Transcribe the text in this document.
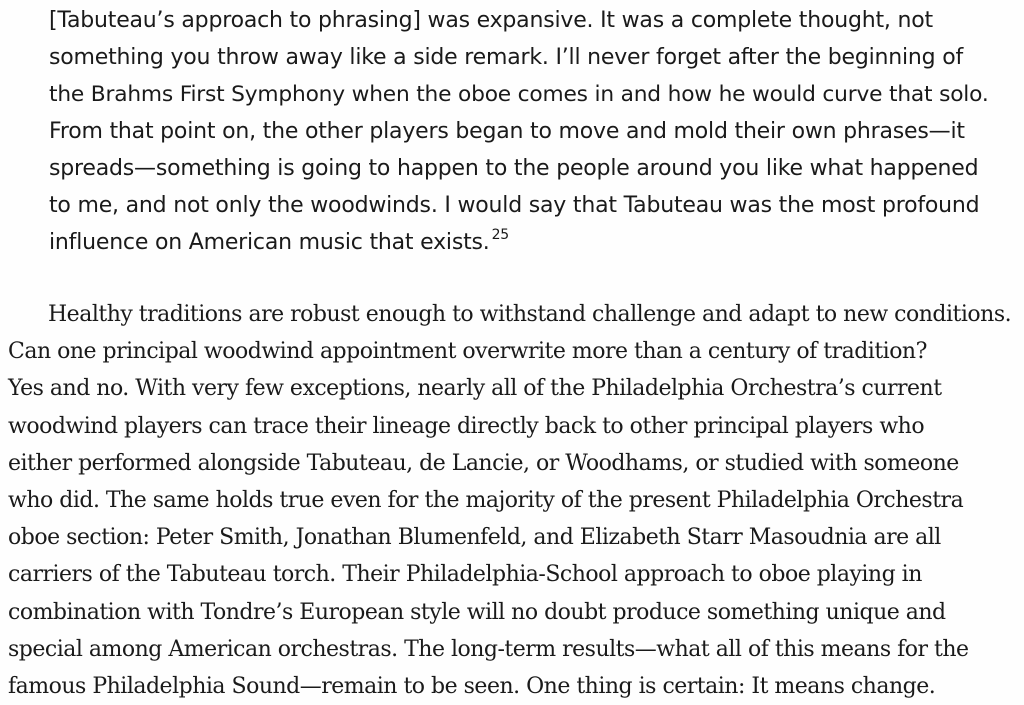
[Tabuteau’s approach to phrasing] was expansive. It was a complete thought, not
something you throw away like a side remark. I’ll never forget after the beginning of
the Brahms First Symphony when the oboe comes in and how he would curve that solo.
From that point on, the other players began to move and mold their own phrases—it
spreads—something is going to happen to the people around you like what happened
to me, and not only the woodwinds. I would say that Tabuteau was the most profound
influence on American music that exists. $^{25}$
Healthy traditions are robust enough to withstand challenge and adapt to new conditions.
Can one principal woodwind appointment overwrite more than a century of tradition?
Yes and no. With very few exceptions, nearly all of the Philadelphia Orchestra’s current
woodwind players can trace their lineage directly back to other principal players who
either performed alongside Tabuteau, de Lancie, or Woodhams, or studied with someone
who did. The same holds true even for the majority of the present Philadelphia Orchestra
oboe section: Peter Smith, Jonathan Blumenfeld, and Elizabeth Starr Masoudnia are all
carriers of the Tabuteau torch. Their Philadelphia-School approach to oboe playing in
combination with Tondre’s European style will no doubt produce something unique and
special among American orchestras. The long-term results—what all of this means for the
famous Philadelphia Sound—remain to be seen. One thing is certain: It means change.
